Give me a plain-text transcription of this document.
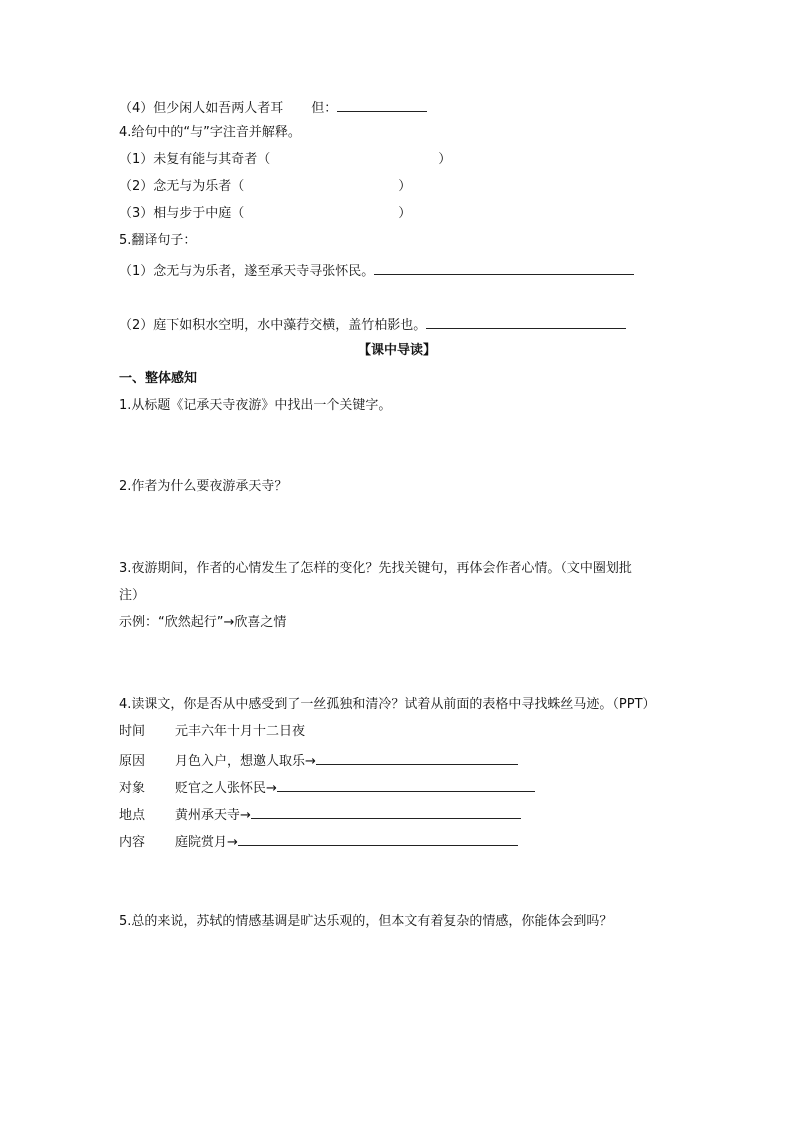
（4）但少闲人如吾两人者耳 但：
4.给句中的“与”字注音并解释。
（1）未复有能与其奇者（	）
（2）念无与为乐者（	）
（3）相与步于中庭（	）
5.翻译句子：
（1）念无与为乐者，遂至承天寺寻张怀民。
（2）庭下如积水空明，水中藻荇交横，盖竹柏影也。
【课中导读】
一、整体感知
1.从标题《记承天寺夜游》中找出一个关键字。
2.作者为什么要夜游承天寺？
3.夜游期间，作者的心情发生了怎样的变化？先找关键句，再体会作者心情。（文中圈划批
注）
示例：“欣然起行”→欣喜之情
4.读课文，你是否从中感受到了一丝孤独和清冷？试着从前面的表格中寻找蛛丝马迹。（PPT）
时间 元丰六年十月十二日夜
原因 月色入户，想邀人取乐→
对象 贬官之人张怀民→
地点 黄州承天寺→
内容 庭院赏月→
5.总的来说，苏轼的情感基调是旷达乐观的，但本文有着复杂的情感，你能体会到吗？
